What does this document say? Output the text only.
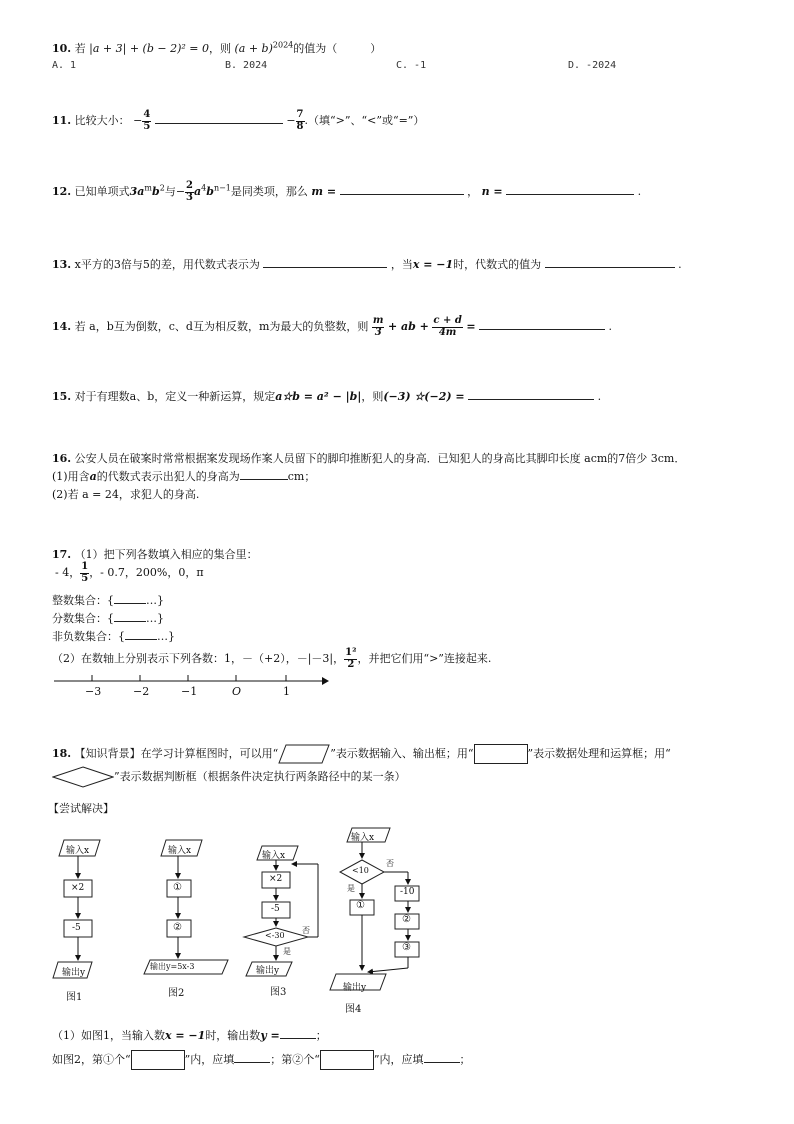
10. 若 |a + 3| + (b − 2)² = 0，则 $(a + b)^{2024}$的值为（　　　）
A. 1	B. 2024	C. -1	D. -2024
11. 比较大小： − $\frac{4}{5}$	− $\frac{7}{8}$ .（填“>”、“<”或“=”）
12. 已知单项式$3a^mb^2$与− $\frac{2}{3} a^4b^{n-1}$是同类项，那么 m =	， n =	.
13. x平方的3倍与5的差，用代数式表示为	，当x = −1时，代数式的值为	.
14. 若 a，b互为倒数，c、d互为相反数，m为最大的负整数，则 $\frac{m}{3}$ + ab + $\frac{c + d}{4m}$ =	.
15. 对于有理数a、b，定义一种新运算，规定a☆b = a² − |b|，则(−3) ☆(−2) =	.
16. 公安人员在破案时常常根据案发现场作案人员留下的脚印推断犯人的身高．已知犯人的身高比其脚印长度 acm的7倍少 3cm．
(1)用含a的代数式表示出犯人的身高为	cm；
(2)若 a = 24，求犯人的身高.
17. （1）把下列各数填入相应的集合里：
- 4， $\frac{1}{5}$ ，- 0.7，200%，0，π
整数集合：{	…}
分数集合：{	…}
非负数集合：{	…}
（2）在数轴上分别表示下列各数：1，－（+2），－|－3|， $\frac{\text{1²}}{2}$ ，并把它们用“>”连接起来.
−3	−2	−1	O	1
18. 【知识背景】在学习计算框图时，可以用“	”表示数据输入、输出框；用“	”表示数据处理和运算框；用“
”表示数据判断框（根据条件决定执行两条路径中的某一条）
【尝试解决】
输入x
×2
-5
输出y
图1
输入x
①
②
输出y=5x-3
图2
输入x
×2
-5
<-30
否
是
输出y
图3
输入x
<10
否
是
①
-10
②
③
输出y
图4
（1）如图1，当输入数x = −1时，输出数y =	；
如图2，第①个“	”内，应填	；第②个“	”内，应填	；
